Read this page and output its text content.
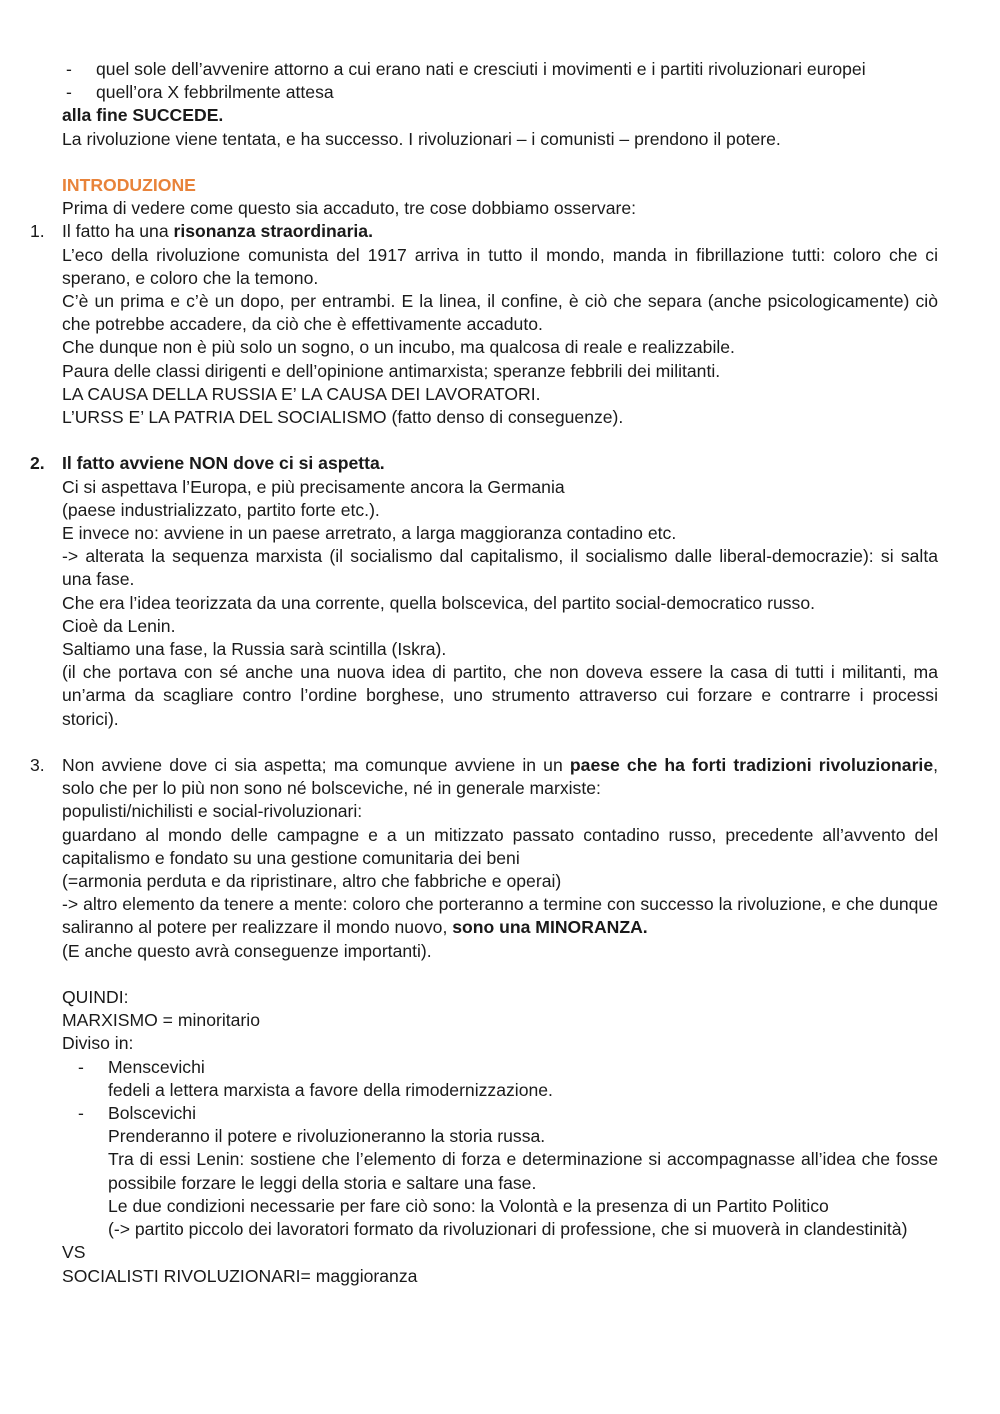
- quel sole dell’avvenire attorno a cui erano nati e cresciuti i movimenti e i partiti rivoluzionari europei
- quell’ora X febbrilmente attesa
alla fine SUCCEDE.
La rivoluzione viene tentata, e ha successo. I rivoluzionari – i comunisti – prendono il potere.
INTRODUZIONE
Prima di vedere come questo sia accaduto, tre cose dobbiamo osservare:
1. Il fatto ha una risonanza straordinaria.
L’eco della rivoluzione comunista del 1917 arriva in tutto il mondo, manda in fibrillazione tutti: coloro che ci sperano, e coloro che la temono.
C’è un prima e c’è un dopo, per entrambi. E la linea, il confine, è ciò che separa (anche psicologicamente) ciò che potrebbe accadere, da ciò che è effettivamente accaduto.
Che dunque non è più solo un sogno, o un incubo, ma qualcosa di reale e realizzabile.
Paura delle classi dirigenti e dell’opinione antimarxista; speranze febbrili dei militanti.
LA CAUSA DELLA RUSSIA E’ LA CAUSA DEI LAVORATORI.
L’URSS E’ LA PATRIA DEL SOCIALISMO (fatto denso di conseguenze).
2. Il fatto avviene NON dove ci si aspetta.
Ci si aspettava l’Europa, e più precisamente ancora la Germania
(paese industrializzato, partito forte etc.).
E invece no: avviene in un paese arretrato, a larga maggioranza contadino etc.
-> alterata la sequenza marxista (il socialismo dal capitalismo, il socialismo dalle liberal-democrazie): si salta una fase.
Che era l’idea teorizzata da una corrente, quella bolscevica, del partito social-democratico russo.
Cioè da Lenin.
Saltiamo una fase, la Russia sarà scintilla (Iskra).
(il che portava con sé anche una nuova idea di partito, che non doveva essere la casa di tutti i militanti, ma un’arma da scagliare contro l’ordine borghese, uno strumento attraverso cui forzare e contrarre i processi storici).
3. Non avviene dove ci sia aspetta; ma comunque avviene in un paese che ha forti tradizioni rivoluzionarie, solo che per lo più non sono né bolsceviche, né in generale marxiste:
populisti/nichilisti e social-rivoluzionari:
guardano al mondo delle campagne e a un mitizzato passato contadino russo, precedente all’avvento del capitalismo e fondato su una gestione comunitaria dei beni
(=armonia perduta e da ripristinare, altro che fabbriche e operai)
-> altro elemento da tenere a mente: coloro che porteranno a termine con successo la rivoluzione, e che dunque saliranno al potere per realizzare il mondo nuovo, sono una MINORANZA.
(E anche questo avrà conseguenze importanti).
QUINDI:
MARXISMO = minoritario
Diviso in:
- Menscevichi
fedeli a lettera marxista a favore della rimodernizzazione.
- Bolscevichi
Prenderanno il potere e rivoluzioneranno la storia russa.
Tra di essi Lenin: sostiene che l’elemento di forza e determinazione si accompagnasse all’idea che fosse possibile forzare le leggi della storia e saltare una fase.
Le due condizioni necessarie per fare ciò sono: la Volontà e la presenza di un Partito Politico
(-> partito piccolo dei lavoratori formato da rivoluzionari di professione, che si muoverà in clandestinità)
VS
SOCIALISTI RIVOLUZIONARI= maggioranza
